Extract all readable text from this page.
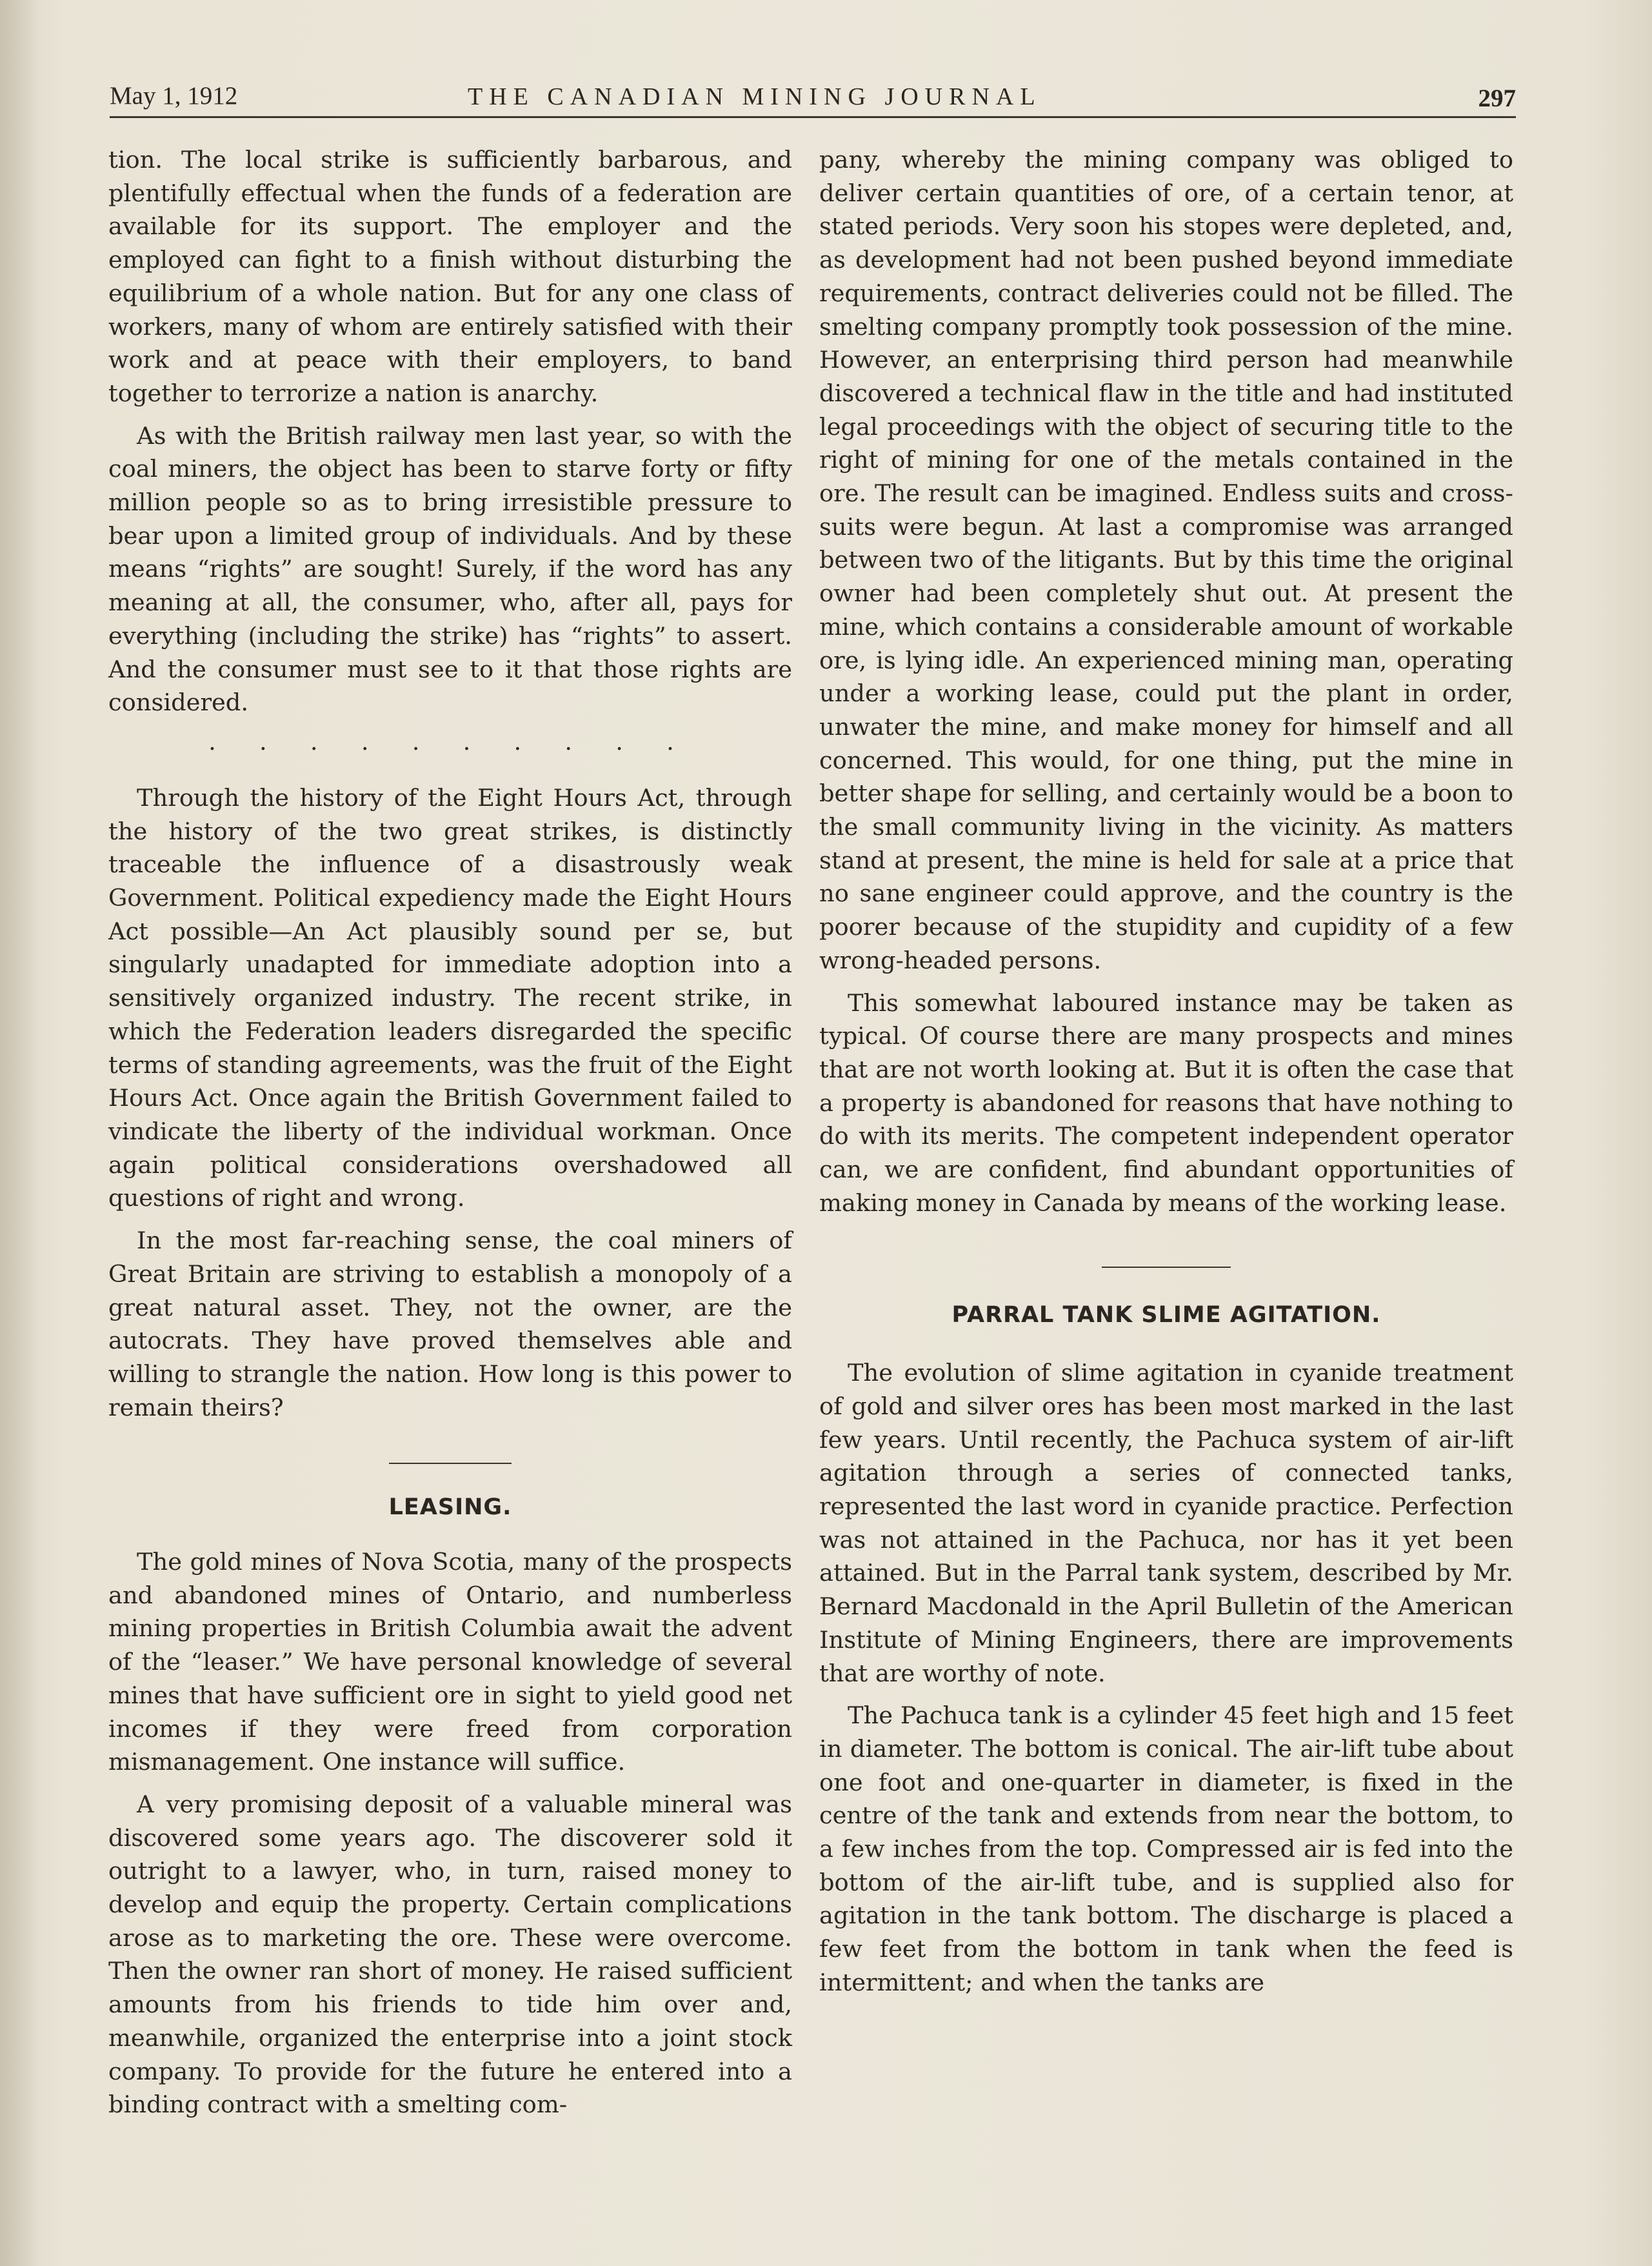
May 1, 1912	THE CANADIAN MINING JOURNAL	297

tion. The local strike is sufficiently barbarous, and plentifully effectual when the funds of a federation are available for its support. The employer and the employed can fight to a finish without disturbing the equilibrium of a whole nation. But for any one class of workers, many of whom are entirely satisfied with their work and at peace with their employers, to band together to terrorize a nation is anarchy.

As with the British railway men last year, so with the coal miners, the object has been to starve forty or fifty million people so as to bring irresistible pressure to bear upon a limited group of individuals. And by these means “rights” are sought! Surely, if the word has any meaning at all, the consumer, who, after all, pays for everything (including the strike) has “rights” to assert. And the consumer must see to it that those rights are considered.

. . . . . . . . . .

Through the history of the Eight Hours Act, through the history of the two great strikes, is distinctly traceable the influence of a disastrously weak Government. Political expediency made the Eight Hours Act possible—An Act plausibly sound per se, but singularly unadapted for immediate adoption into a sensitively organized industry. The recent strike, in which the Federation leaders disregarded the specific terms of standing agreements, was the fruit of the Eight Hours Act. Once again the British Government failed to vindicate the liberty of the individual workman. Once again political considerations overshadowed all questions of right and wrong.

In the most far-reaching sense, the coal miners of Great Britain are striving to establish a monopoly of a great natural asset. They, not the owner, are the autocrats. They have proved themselves able and willing to strangle the nation. How long is this power to remain theirs?

LEASING.

The gold mines of Nova Scotia, many of the prospects and abandoned mines of Ontario, and numberless mining properties in British Columbia await the advent of the “leaser.” We have personal knowledge of several mines that have sufficient ore in sight to yield good net incomes if they were freed from corporation mismanagement. One instance will suffice.

A very promising deposit of a valuable mineral was discovered some years ago. The discoverer sold it outright to a lawyer, who, in turn, raised money to develop and equip the property. Certain complications arose as to marketing the ore. These were overcome. Then the owner ran short of money. He raised sufficient amounts from his friends to tide him over and, meanwhile, organized the enterprise into a joint stock company. To provide for the future he entered into a binding contract with a smelting com-

pany, whereby the mining company was obliged to deliver certain quantities of ore, of a certain tenor, at stated periods. Very soon his stopes were depleted, and, as development had not been pushed beyond immediate requirements, contract deliveries could not be filled. The smelting company promptly took possession of the mine. However, an enterprising third person had meanwhile discovered a technical flaw in the title and had instituted legal proceedings with the object of securing title to the right of mining for one of the metals contained in the ore. The result can be imagined. Endless suits and cross-suits were begun. At last a compromise was arranged between two of the litigants. But by this time the original owner had been completely shut out. At present the mine, which contains a considerable amount of workable ore, is lying idle. An experienced mining man, operating under a working lease, could put the plant in order, unwater the mine, and make money for himself and all concerned. This would, for one thing, put the mine in better shape for selling, and certainly would be a boon to the small community living in the vicinity. As matters stand at present, the mine is held for sale at a price that no sane engineer could approve, and the country is the poorer because of the stupidity and cupidity of a few wrong-headed persons.

This somewhat laboured instance may be taken as typical. Of course there are many prospects and mines that are not worth looking at. But it is often the case that a property is abandoned for reasons that have nothing to do with its merits. The competent independent operator can, we are confident, find abundant opportunities of making money in Canada by means of the working lease.

PARRAL TANK SLIME AGITATION.

The evolution of slime agitation in cyanide treatment of gold and silver ores has been most marked in the last few years. Until recently, the Pachuca system of air-lift agitation through a series of connected tanks, represented the last word in cyanide practice. Perfection was not attained in the Pachuca, nor has it yet been attained. But in the Parral tank system, described by Mr. Bernard Macdonald in the April Bulletin of the American Institute of Mining Engineers, there are improvements that are worthy of note.

The Pachuca tank is a cylinder 45 feet high and 15 feet in diameter. The bottom is conical. The air-lift tube about one foot and one-quarter in diameter, is fixed in the centre of the tank and extends from near the bottom, to a few inches from the top. Compressed air is fed into the bottom of the air-lift tube, and is supplied also for agitation in the tank bottom. The discharge is placed a few feet from the bottom in tank when the feed is intermittent; and when the tanks are
